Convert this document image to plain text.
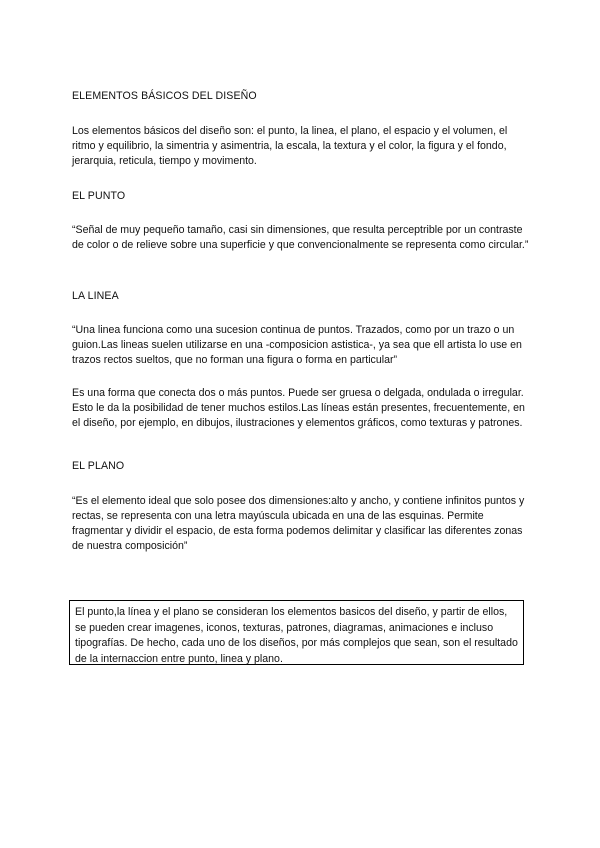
ELEMENTOS BÁSICOS DEL DISEÑO

Los elementos básicos del diseño son: el punto, la linea, el plano, el espacio y el volumen, el ritmo y equilibrio, la simentria y asimentria, la escala, la textura y el color, la figura y el fondo, jerarquia, reticula, tiempo y movimento.

EL PUNTO

“Señal de muy pequeño tamaño, casi sin dimensiones, que resulta perceptrible por un contraste de color o de relieve sobre una superficie y que convencionalmente se representa como circular.”

LA LINEA

“Una linea funciona como una sucesion continua de puntos. Trazados, como por un trazo o un guion.Las lineas suelen utilizarse en una -composicion astistica-, ya sea que ell artista lo use en trazos rectos sueltos, que no forman una figura o forma en particular”

Es una forma que conecta dos o más puntos. Puede ser gruesa o delgada, ondulada o irregular. Esto le da la posibilidad de tener muchos estilos.Las líneas están presentes, frecuentemente, en el diseño, por ejemplo, en dibujos, ilustraciones y elementos gráficos, como texturas y patrones.

EL PLANO

“Es el elemento ideal que solo posee dos dimensiones:alto y ancho, y contiene infinitos puntos y rectas, se representa con una letra mayúscula ubicada en una de las esquinas. Permite fragmentar y dividir el espacio, de esta forma podemos delimitar y clasificar las diferentes zonas de nuestra composición”

El punto,la línea y el plano se consideran los elementos basicos del diseño, y partir de ellos, se pueden crear imagenes, iconos, texturas, patrones, diagramas, animaciones e incluso tipografías. De hecho, cada uno de los diseños, por más complejos que sean, son el resultado de la internaccion entre punto, linea y plano.
